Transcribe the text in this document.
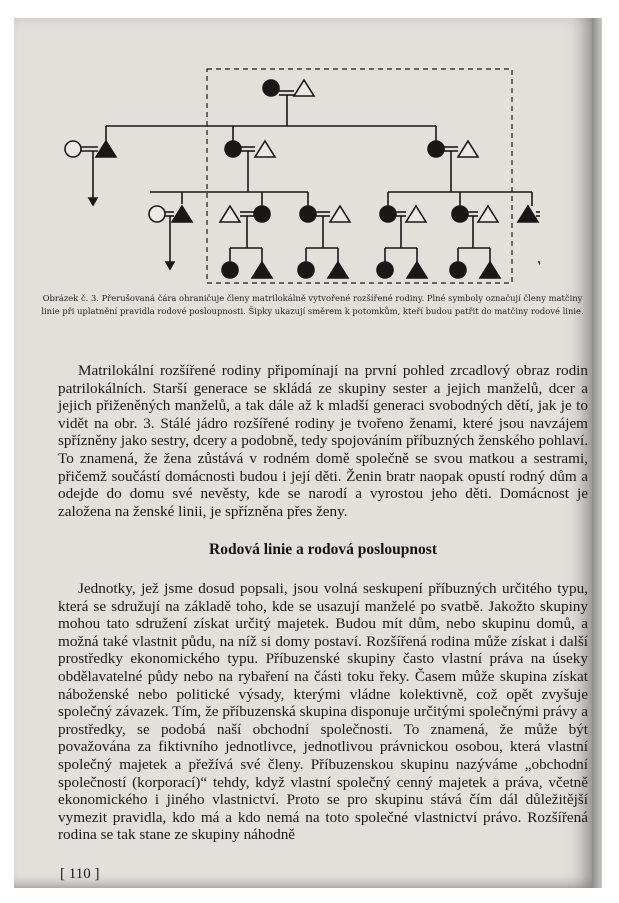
Obrázek č. 3. Přerušovaná čára ohraničuje členy matrilokálně vytvořené rozšířené rodiny. Plné symboly označují členy matčiny linie při uplatnění pravidla rodové posloupnosti. Šipky ukazují směrem k potomkům, kteří budou patřit do matčiny rodové linie.

Matrilokální rozšířené rodiny připomínají na první pohled zrcadlový obraz rodin patrilokálních. Starší generace se skládá ze skupiny sester a jejich manželů, dcer a jejich přiženěných manželů, a tak dále až k mladší generaci svobodných dětí, jak je to vidět na obr. 3. Stálé jádro rozšířené rodiny je tvořeno ženami, které jsou navzájem spřízněny jako sestry, dcery a podobně, tedy spojováním příbuzných ženského pohlaví. To znamená, že žena zůstává v rodném domě společně se svou matkou a sestrami, přičemž součástí domácnosti budou i její děti. Ženin bratr naopak opustí rodný dům a odejde do domu své nevěsty, kde se narodí a vyrostou jeho děti. Domácnost je založena na ženské linii, je spřízněna přes ženy.

Rodová linie a rodová posloupnost

Jednotky, jež jsme dosud popsali, jsou volná seskupení příbuzných určitého typu, která se sdružují na základě toho, kde se usazují manželé po svatbě. Jakožto skupiny mohou tato sdružení získat určitý majetek. Budou mít dům, nebo skupinu domů, a možná také vlastnit půdu, na níž si domy postaví. Rozšířená rodina může získat i další prostředky ekonomického typu. Příbuzenské skupiny často vlastní práva na úseky obdělavatelné půdy nebo na rybaření na části toku řeky. Časem může skupina získat náboženské nebo politické výsady, kterými vládne kolektivně, což opět zvyšuje společný závazek. Tím, že příbuzenská skupina disponuje určitými společnými právy a prostředky, se podobá naší obchodní společnosti. To znamená, že může být považována za fiktivního jednotlivce, jednotlivou právnickou osobou, která vlastní společný majetek a přežívá své členy. Příbuzenskou skupinu nazýváme „obchodní společností (korporací)“ tehdy, když vlastní společný cenný majetek a práva, včetně ekonomického i jiného vlastnictví. Proto se pro skupinu stává čím dál důležitější vymezit pravidla, kdo má a kdo nemá na toto společné vlastnictví právo. Rozšířená rodina se tak stane ze skupiny náhodně

[ 110 ]
